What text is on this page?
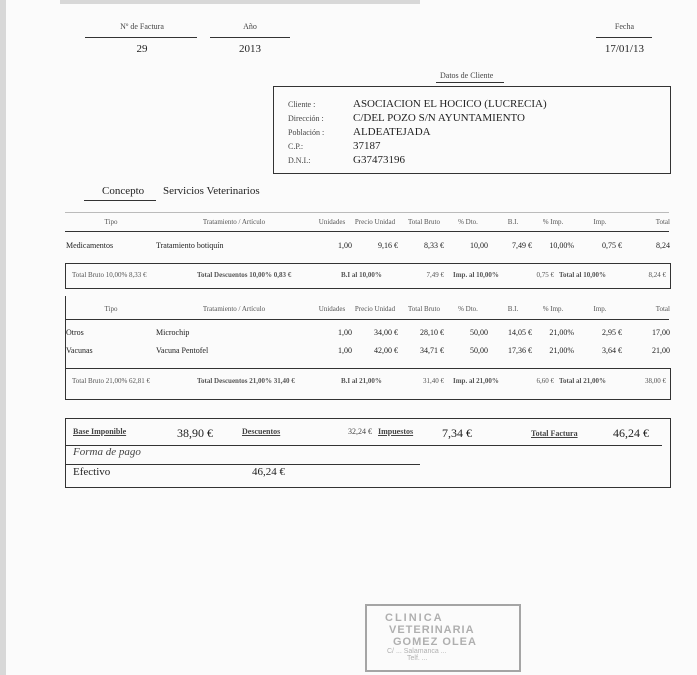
Nº de Factura
29
Año
2013
Fecha
17/01/13
Datos de Cliente
Cliente :	ASOCIACION EL HOCICO (LUCRECIA)
Dirección :	C/DEL POZO S/N AYUNTAMIENTO
Población :	ALDEATEJADA
C.P.:	37187
D.N.I.:	G37473196
Concepto Servicios Veterinarios
Tipo	Tratamiento / Artículo	Unidades	Precio Unidad	Total Bruto	% Dto.	B.I.	% Imp.	Imp.	Total
Medicamentos	Tratamiento botiquín	1,00	9,16 €	8,33 €	10,00	7,49 €	10,00%	0,75 €	8,24
Total Bruto 10,00% 8,33 €	Total Descuentos 10,00% 0,83 €	B.I al 10,00%	7,49 € Imp. al 10,00%	0,75 € Total al 10,00%	8,24 €
Tipo	Tratamiento / Artículo	Unidades	Precio Unidad	Total Bruto	% Dto.	B.I.	% Imp.	Imp.	Total
Otros	Microchip	1,00	34,00 €	28,10 €	50,00	14,05 €	21,00%	2,95 €	17,00
Vacunas	Vacuna Pentofel	1,00	42,00 €	34,71 €	50,00	17,36 €	21,00%	3,64 €	21,00
Total Bruto 21,00% 62,81 €	Total Descuentos 21,00% 31,40 €	B.I al 21,00%	31,40 € Imp. al 21,00%	6,60 € Total al 21,00%	38,00 €
Base Imponible	38,90 €	Descuentos	32,24 € Impuestos 7,34 €	Total Factura	46,24 €
Forma de pago
Efectivo	46,24 €
CLINICA
VETERINARIA
GOMEZ OLEA
C/ ... Salamanca ...
Telf. ...
